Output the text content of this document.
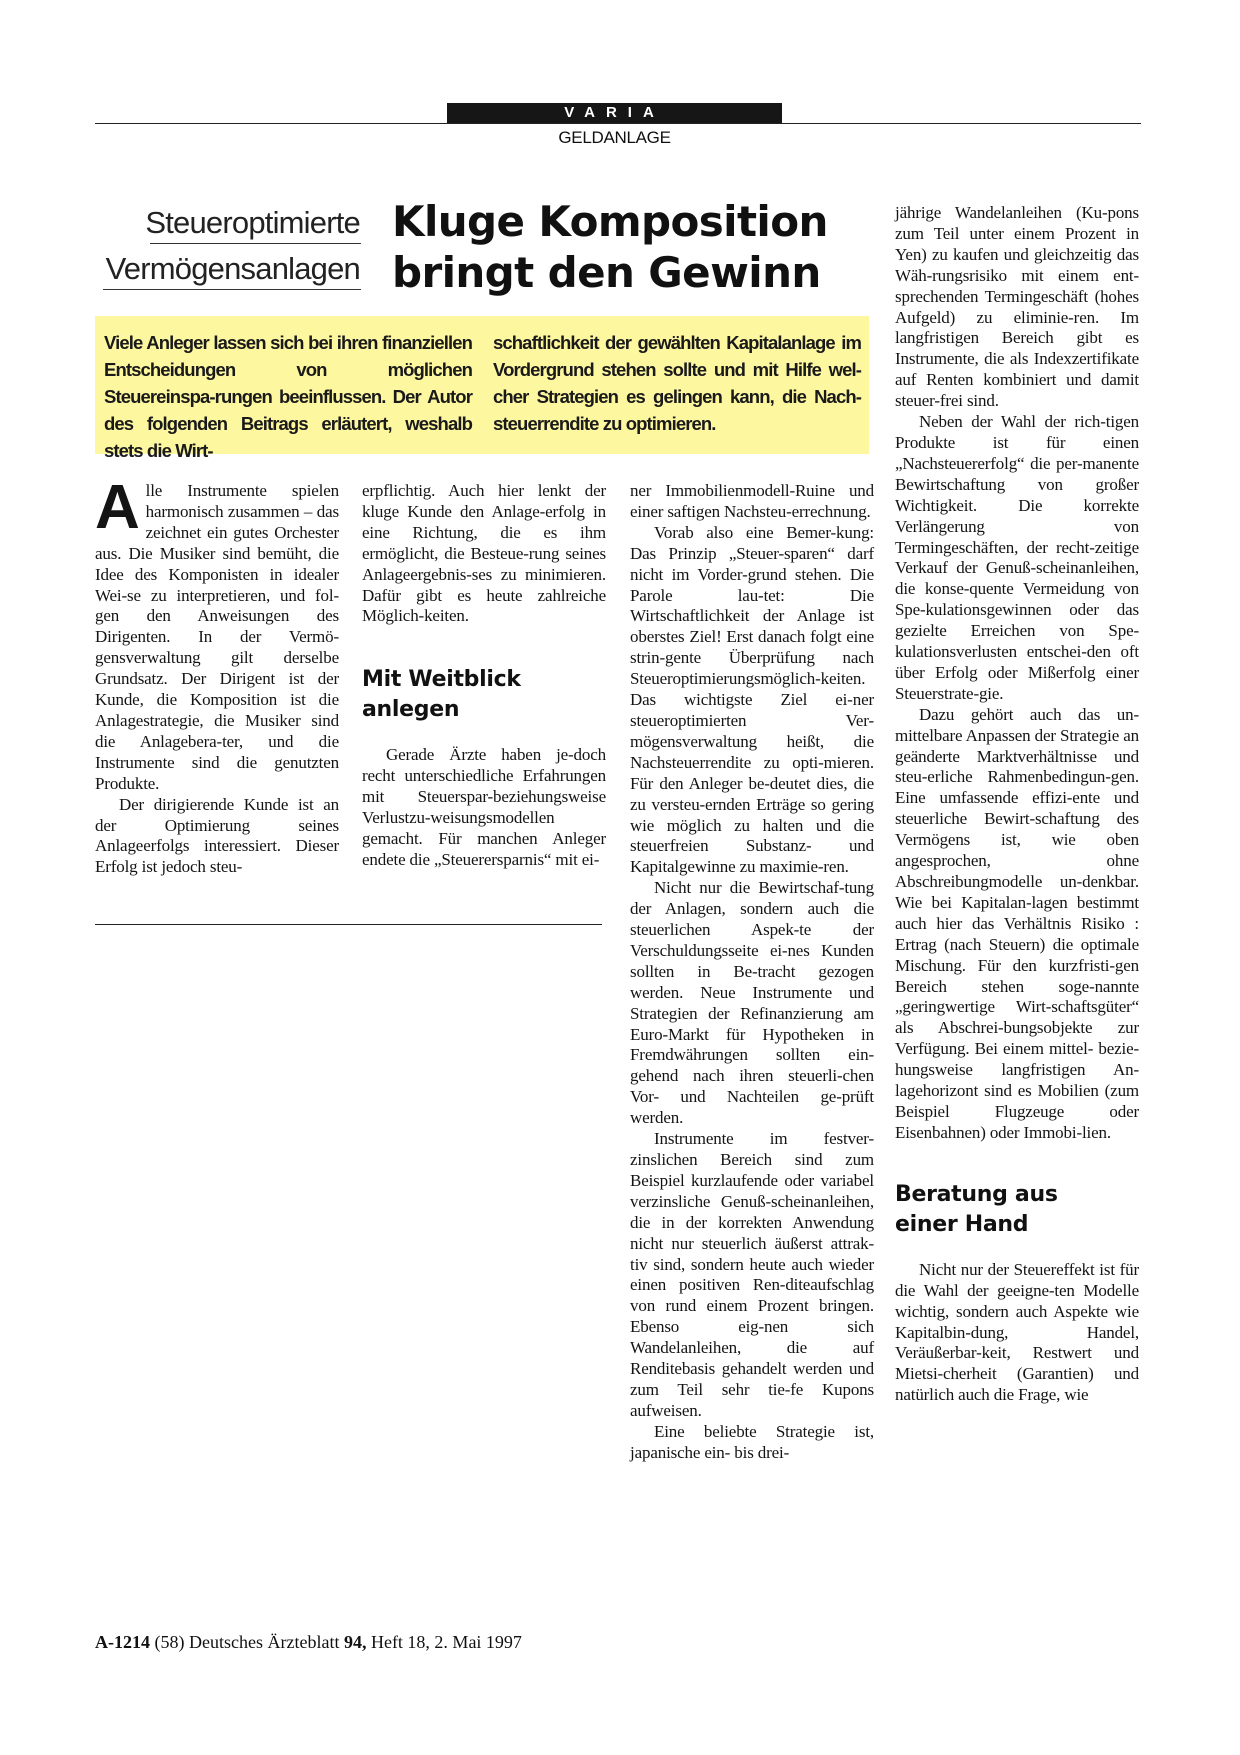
VARIA
GELDANLAGE
Steueroptimierte
Vermögensanlagen
Kluge Komposition
bringt den Gewinn
Viele Anleger lassen sich bei ihren finanziellen Entscheidungen von möglichen Steuereinspa-rungen beeinflussen. Der Autor des folgenden Beitrags erläutert, weshalb stets die Wirt-
schaftlichkeit der gewählten Kapitalanlage im Vordergrund stehen sollte und mit Hilfe wel-cher Strategien es gelingen kann, die Nach-steuerrendite zu optimieren.

Alle Instrumente spielen harmonisch zusammen – das zeichnet ein gutes Orchester aus. Die Musiker sind bemüht, die Idee des Komponisten in idealer Wei-se zu interpretieren, und fol-gen den Anweisungen des Dirigenten. In der Vermö-gensverwaltung gilt derselbe Grundsatz. Der Dirigent ist der Kunde, die Komposition ist die Anlagestrategie, die Musiker sind die Anlagebera-ter, und die Instrumente sind die genutzten Produkte.

Der dirigierende Kunde ist an der Optimierung seines Anlageerfolgs interessiert. Dieser Erfolg ist jedoch steu-

erpflichtig. Auch hier lenkt der kluge Kunde den Anlage-erfolg in eine Richtung, die es ihm ermöglicht, die Besteue-rung seines Anlageergebnis-ses zu minimieren. Dafür gibt es heute zahlreiche Möglich-keiten.

Mit Weitblick
anlegen

Gerade Ärzte haben je-doch recht unterschiedliche Erfahrungen mit Steuerspar-beziehungsweise Verlustzu-weisungsmodellen gemacht. Für manchen Anleger endete die „Steuerersparnis“ mit ei-

ner Immobilienmodell-Ruine und einer saftigen Nachsteu-errechnung.

Vorab also eine Bemer-kung: Das Prinzip „Steuer-sparen“ darf nicht im Vorder-grund stehen. Die Parole lau-tet: Die Wirtschaftlichkeit der Anlage ist oberstes Ziel! Erst danach folgt eine strin-gente Überprüfung nach Steueroptimierungsmöglich-keiten. Das wichtigste Ziel ei-ner steueroptimierten Ver-mögensverwaltung heißt, die Nachsteuerrendite zu opti-mieren. Für den Anleger be-deutet dies, die zu versteu-ernden Erträge so gering wie möglich zu halten und die steuerfreien Substanz- und Kapitalgewinne zu maximie-ren.

Nicht nur die Bewirtschaf-tung der Anlagen, sondern auch die steuerlichen Aspek-te der Verschuldungsseite ei-nes Kunden sollten in Be-tracht gezogen werden. Neue Instrumente und Strategien der Refinanzierung am Euro-Markt für Hypotheken in Fremdwährungen sollten ein-gehend nach ihren steuerli-chen Vor- und Nachteilen ge-prüft werden.

Instrumente im festver-zinslichen Bereich sind zum Beispiel kurzlaufende oder variabel verzinsliche Genuß-scheinanleihen, die in der korrekten Anwendung nicht nur steuerlich äußerst attrak-tiv sind, sondern heute auch wieder einen positiven Ren-diteaufschlag von rund einem Prozent bringen. Ebenso eig-nen sich Wandelanleihen, die auf Renditebasis gehandelt werden und zum Teil sehr tie-fe Kupons aufweisen.

Eine beliebte Strategie ist, japanische ein- bis drei-

jährige Wandelanleihen (Ku-pons zum Teil unter einem Prozent in Yen) zu kaufen und gleichzeitig das Wäh-rungsrisiko mit einem ent-sprechenden Termingeschäft (hohes Aufgeld) zu eliminie-ren. Im langfristigen Bereich gibt es Instrumente, die als Indexzertifikate auf Renten kombiniert und damit steuer-frei sind.

Neben der Wahl der rich-tigen Produkte ist für einen „Nachsteuererfolg“ die per-manente Bewirtschaftung von großer Wichtigkeit. Die korrekte Verlängerung von Termingeschäften, der recht-zeitige Verkauf der Genuß-scheinanleihen, die konse-quente Vermeidung von Spe-kulationsgewinnen oder das gezielte Erreichen von Spe-kulationsverlusten entschei-den oft über Erfolg oder Mißerfolg einer Steuerstrate-gie.

Dazu gehört auch das un-mittelbare Anpassen der Strategie an geänderte Marktverhältnisse und steu-erliche Rahmenbedingun-gen. Eine umfassende effizi-ente und steuerliche Bewirt-schaftung des Vermögens ist, wie oben angesprochen, ohne Abschreibungmodelle un-denkbar. Wie bei Kapitalan-lagen bestimmt auch hier das Verhältnis Risiko : Ertrag (nach Steuern) die optimale Mischung. Für den kurzfristi-gen Bereich stehen soge-nannte „geringwertige Wirt-schaftsgüter“ als Abschrei-bungsobjekte zur Verfügung. Bei einem mittel- bezie-hungsweise langfristigen An-lagehorizont sind es Mobilien (zum Beispiel Flugzeuge oder Eisenbahnen) oder Immobi-lien.

Beratung aus
einer Hand

Nicht nur der Steuereffekt ist für die Wahl der geeigne-ten Modelle wichtig, sondern auch Aspekte wie Kapitalbin-dung, Handel, Veräußerbar-keit, Restwert und Mietsi-cherheit (Garantien) und natürlich auch die Frage, wie

A-1214 (58) Deutsches Ärzteblatt 94, Heft 18, 2. Mai 1997
